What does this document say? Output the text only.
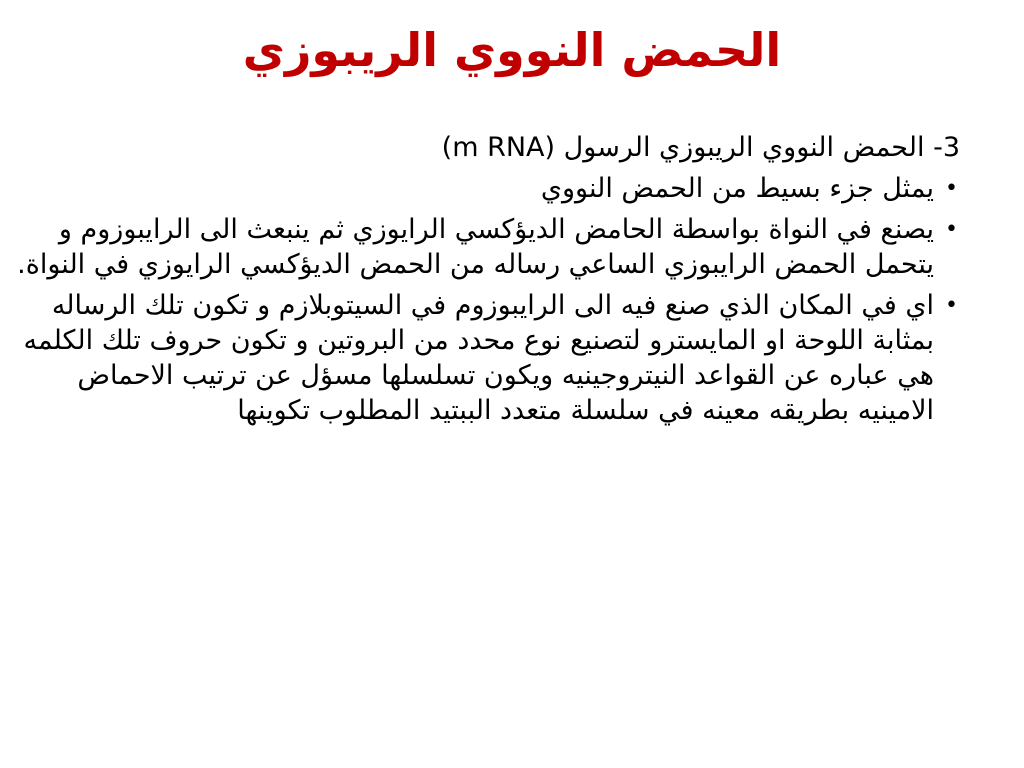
الحمض النووي الريبوزي
3- الحمض النووي الريبوزي الرسول (m RNA)
•
يمثل جزء بسيط من الحمض النووي
•
يصنع في النواة بواسطة الحامض الديؤكسي الرايوزي ثم ينبعث الى الرايبوزوم و يتحمل الحمض الرايبوزي الساعي رساله من الحمض الديؤكسي الرايوزي في النواة.
•
اي في المكان الذي صنع فيه الى الرايبوزوم في السيتوبلازم و تكون تلك الرساله بمثابة اللوحة او المايسترو لتصنيع نوع محدد من البروتين و تكون حروف تلك الكلمه هي عباره عن القواعد النيتروجينيه ويكون تسلسلها مسؤل عن ترتيب الاحماض الامينيه بطريقه معينه في سلسلة متعدد الببتيد المطلوب تكوينها
